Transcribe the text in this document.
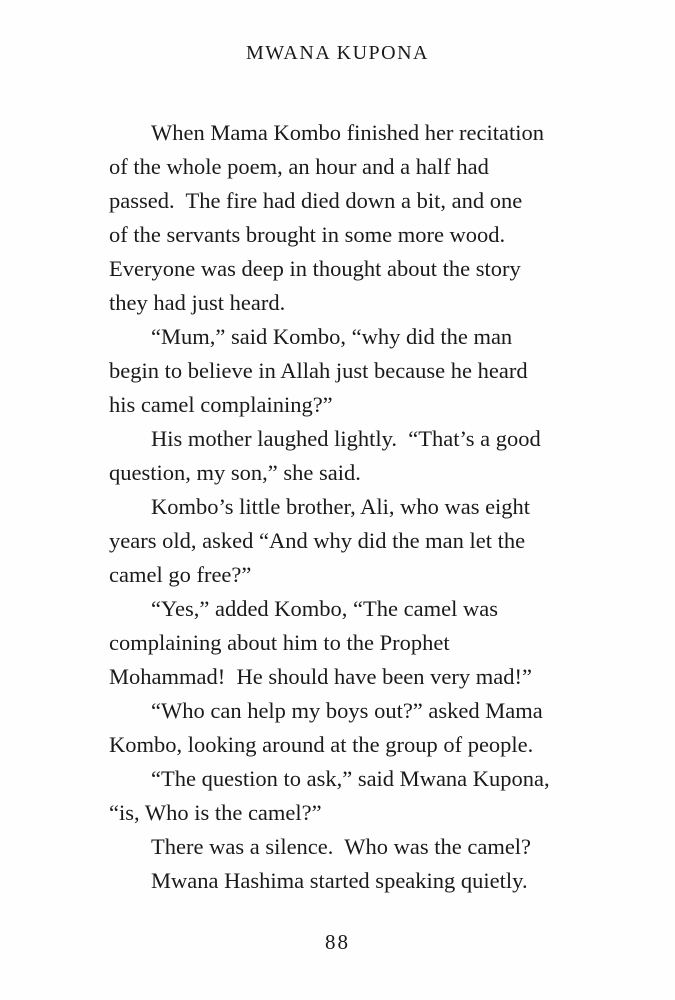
MWANA KUPONA

When Mama Kombo finished her recitation
of the whole poem, an hour and a half had
passed.  The fire had died down a bit, and one
of the servants brought in some more wood.
Everyone was deep in thought about the story
they had just heard.

“Mum,” said Kombo, “why did the man
begin to believe in Allah just because he heard
his camel complaining?”

His mother laughed lightly.  “That’s a good
question, my son,” she said.

Kombo’s little brother, Ali, who was eight
years old, asked “And why did the man let the
camel go free?”

“Yes,” added Kombo, “The camel was
complaining about him to the Prophet
Mohammad!  He should have been very mad!”

“Who can help my boys out?” asked Mama
Kombo, looking around at the group of people.

“The question to ask,” said Mwana Kupona,
“is, Who is the camel?”

There was a silence.  Who was the camel?

Mwana Hashima started speaking quietly.

88
